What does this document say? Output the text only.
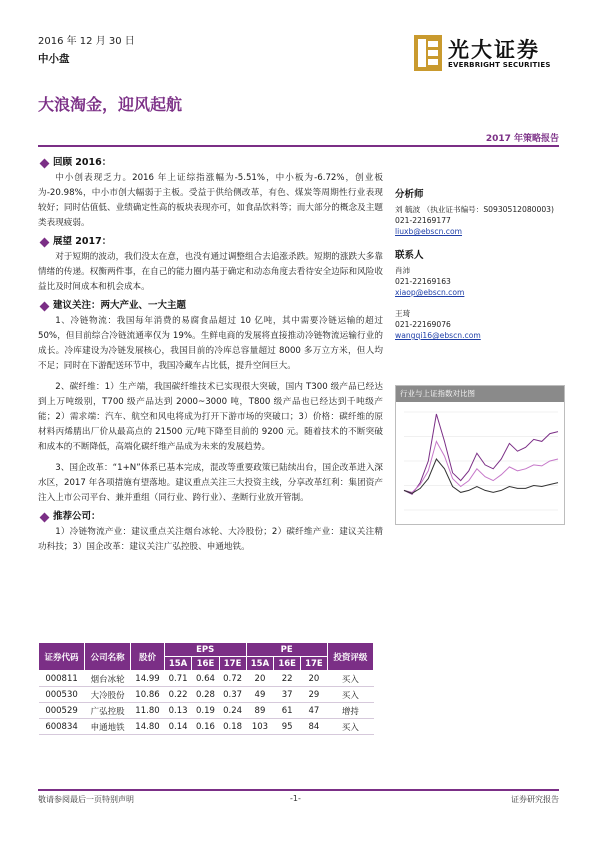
2016 年 12 月 30 日
中小盘	光大证券
EVERBRIGHT SECURITIES
大浪淘金，迎风起航
2017 年策略报告
回顾 2016：

中小创表现乏力。2016 年上证综指涨幅为-5.51%，中小板为-6.72%，创业板为-20.98%，中小市创大幅弱于主板。受益于供给侧改革，有色、煤炭等周期性行业表现较好；同时估值低、业绩确定性高的板块表现亦可，如食品饮料等；而大部分的概念及主题类表现疲弱。

展望 2017：

对于短期的波动，我们没太在意，也没有通过调整组合去追涨杀跌。短期的涨跌大多靠情绪的传递。权衡两件事，在自己的能力圈内基于确定和动态角度去看待安全边际和风险收益比及时间成本和机会成本。

建议关注：两大产业、一大主题

1、冷链物流：我国每年消费的易腐食品超过 10 亿吨，其中需要冷链运输的超过 50%，但目前综合冷链流通率仅为 19%。生鲜电商的发展将直接推动冷链物流运输行业的成长。冷库建设为冷链发展核心，我国目前的冷库总容量超过 8000 多万立方米，但人均不足；同时在下游配送环节中，我国冷藏车占比低，提升空间巨大。

2、碳纤维：1）生产端，我国碳纤维技术已实现很大突破，国内 T300 级产品已经达到上万吨级别，T700 级产品达到 2000~3000 吨，T800 级产品也已经达到千吨级产能；2）需求端：汽车、航空和风电将成为打开下游市场的突破口；3）价格：碳纤维的原材料丙烯腈出厂价从最高点的 21500 元/吨下降至目前的 9200 元。随着技术的不断突破和成本的不断降低，高端化碳纤维产品成为未来的发展趋势。

3、国企改革：“1+N”体系已基本完成，混改等重要政策已陆续出台，国企改革进入深水区，2017 年各项措施有望落地。建议重点关注三大投资主线，分享改革红利：集团资产注入上市公司平台、兼并重组（同行业、跨行业）、垄断行业放开管制。

推荐公司：

1）冷链物流产业：建议重点关注烟台冰轮、大冷股份；2）碳纤维产业：建议关注精功科技；3）国企改革：建议关注广弘控股、申通地铁。

分析师
刘 毓波 （执业证书编号：S0930512080003)
021-22169177
liuxb@ebscn.com
联系人
肖沛
021-22169163
xiaop@ebscn.com
王琦
021-22169076
wangqi16@ebscn.com
行业与上证指数对比图
证券代码	公司名称	股价	EPS			PE			投资评级
			15A	16E	17E	15A	16E	17E	
000811	烟台冰轮	14.99	0.71	0.64	0.72	20	22	20	买入
000530	大冷股份	10.86	0.22	0.28	0.37	49	37	29	买入
000529	广弘控股	11.80	0.13	0.19	0.24	89	61	47	增持
600834	申通地铁	14.80	0.14	0.16	0.18	103	95	84	买入
敬请参阅最后一页特别声明	-1-	证券研究报告
